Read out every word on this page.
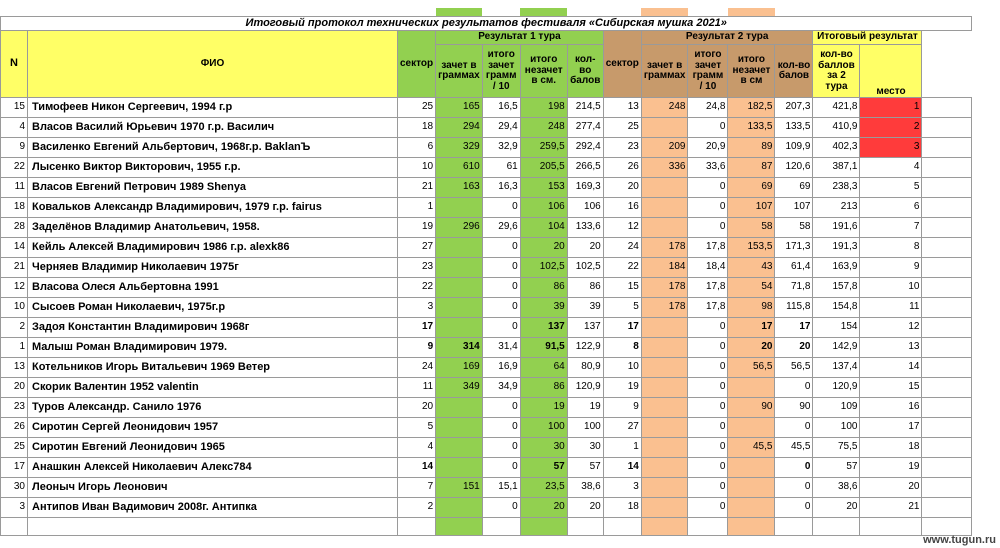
Итоговый протокол технических результатов фестиваля «Сибирская мушка 2021»														
N	ФИО	сектор	Результат 1 тура				сектор	Результат 2 тура				Итоговый результат		
			зачет в граммах	итого зачет грамм / 10	итого незачет в см.	кол-во балов		зачет в граммах	итого зачет грамм / 10	итого незачет в см	кол-во балов	кол-во баллов за 2 тура	место	
15	Тимофеев Никон Сергеевич, 1994 г.р	25	165	16,5	198	214,5	13	248	24,8	182,5	207,3	421,8	1	
4	Власов Василий Юрьевич 1970 г.р. Василич	18	294	29,4	248	277,4	25		0	133,5	133,5	410,9	2	
9	Василенко Евгений Альбертович, 1968г.р. BaklanЪ	6	329	32,9	259,5	292,4	23	209	20,9	89	109,9	402,3	3	
22	Лысенко Виктор Викторович, 1955 г.р.	10	610	61	205,5	266,5	26	336	33,6	87	120,6	387,1	4	
11	Власов Евгений Петрович 1989 Shenya	21	163	16,3	153	169,3	20		0	69	69	238,3	5	
18	Ковальков Александр Владимирович, 1979 г.р. fairus	1		0	106	106	16		0	107	107	213	6	
28	Заделёнов Владимир Анатольевич, 1958.	19	296	29,6	104	133,6	12		0	58	58	191,6	7	
14	Кейль Алексей Владимирович 1986 г.р. alexk86	27		0	20	20	24	178	17,8	153,5	171,3	191,3	8	
21	Черняев Владимир Николаевич 1975г	23		0	102,5	102,5	22	184	18,4	43	61,4	163,9	9	
12	Власова Олеся Альбертовна 1991	22		0	86	86	15	178	17,8	54	71,8	157,8	10	
10	Сысоев Роман Николаевич, 1975г.р	3		0	39	39	5	178	17,8	98	115,8	154,8	11	
2	Задоя Константин Владимирович 1968г	17		0	137	137	17		0	17	17	154	12	
1	Малыш Роман Владимирович 1979.	9	314	31,4	91,5	122,9	8		0	20	20	142,9	13	
13	Котельников Игорь Витальевич 1969 Ветер	24	169	16,9	64	80,9	10		0	56,5	56,5	137,4	14	
20	Скорик Валентин 1952 valentin	11	349	34,9	86	120,9	19		0		0	120,9	15	
23	Туров Александр. Санило 1976	20		0	19	19	9		0	90	90	109	16	
26	Сиротин Сергей Леонидович 1957	5		0	100	100	27		0		0	100	17	
25	Сиротин Евгений Леонидович 1965	4		0	30	30	1		0	45,5	45,5	75,5	18	
17	Анашкин Алексей Николаевич Алекс784	14		0	57	57	14		0		0	57	19	
30	Леоныч Игорь Леонович	7	151	15,1	23,5	38,6	3		0		0	38,6	20	
3	Антипов Иван Вадимович 2008г. Антипка	2		0	20	20	18		0		0	20	21	

www.tugun.ru
